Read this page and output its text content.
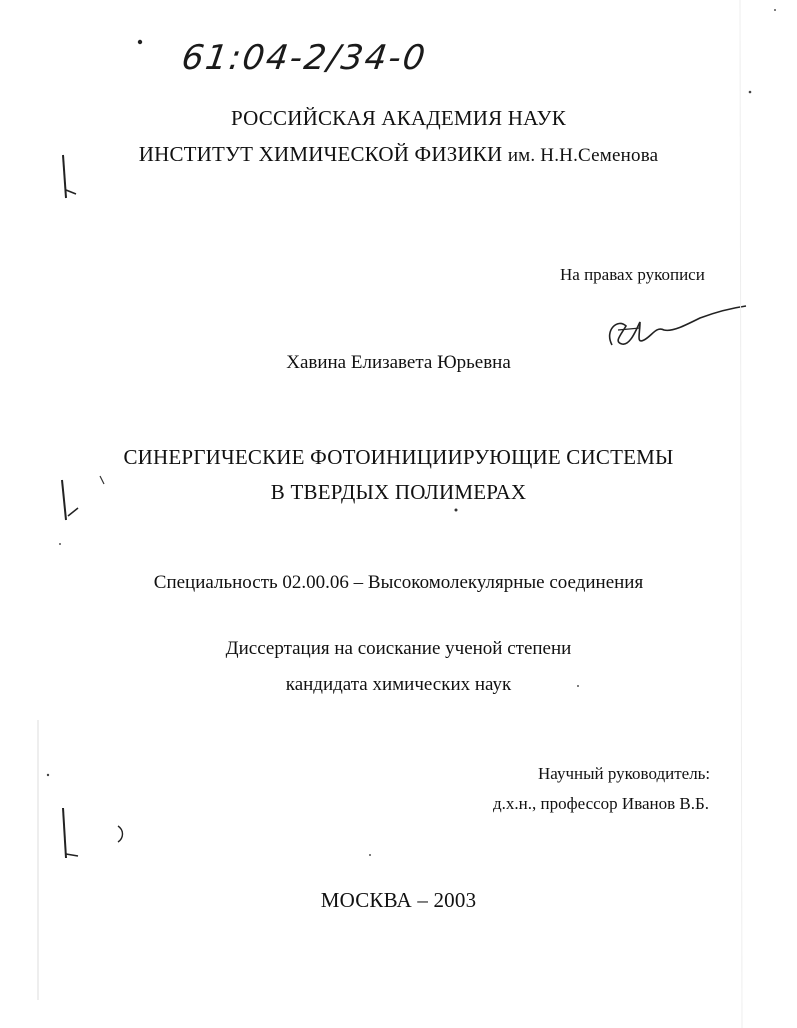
61:04-2/34-0
РОССИЙСКАЯ АКАДЕМИЯ НАУК
ИНСТИТУТ ХИМИЧЕСКОЙ ФИЗИКИ им. Н.Н.Семенова
На правах рукописи
Хавина Елизавета Юрьевна
СИНЕРГИЧЕСКИЕ ФОТОИНИЦИИРУЮЩИЕ СИСТЕМЫ
В ТВЕРДЫХ ПОЛИМЕРАХ
Специальность 02.00.06 – Высокомолекулярные соединения
Диссертация на соискание ученой степени
кандидата химических наук
Научный руководитель:
д.х.н., профессор Иванов В.Б.
МОСКВА – 2003
